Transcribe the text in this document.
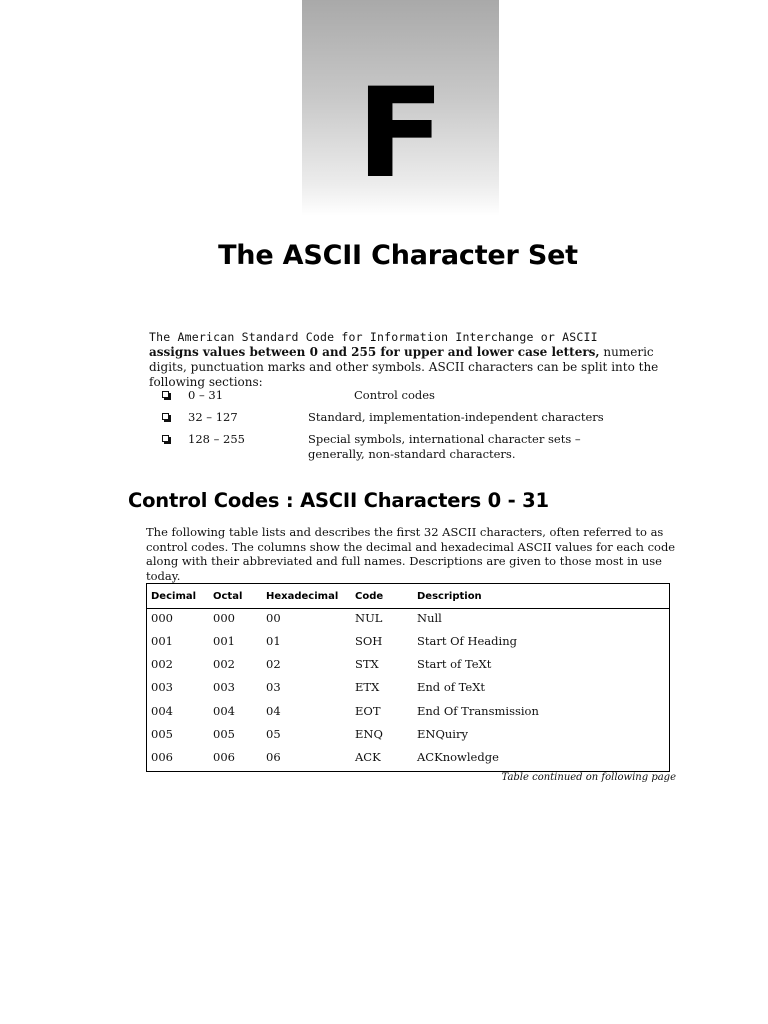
F
The ASCII Character Set
The American Standard Code for Information Interchange or ASCII
assigns values between 0 and 255 for upper and lower case letters, numeric digits, punctuation marks and other symbols. ASCII characters can be split into the following sections:
0 – 31	Control codes
32 – 127	Standard, implementation-independent characters
128 – 255	Special symbols, international character sets – generally, non-standard characters.
Control Codes : ASCII Characters 0 - 31
The following table lists and describes the first 32 ASCII characters, often referred to as control codes. The columns show the decimal and hexadecimal ASCII values for each code along with their abbreviated and full names. Descriptions are given to those most in use today.
Decimal Octal Hexadecimal Code	Description
000	000	00	NUL	Null
001	001	01	SOH	Start Of Heading
002	002	02	STX	Start of TeXt
003	003	03	ETX	End of TeXt
004	004	04	EOT	End Of Transmission
005	005	05	ENQ	ENQuiry
006	006	06	ACK	ACKnowledge
Table continued on following page
